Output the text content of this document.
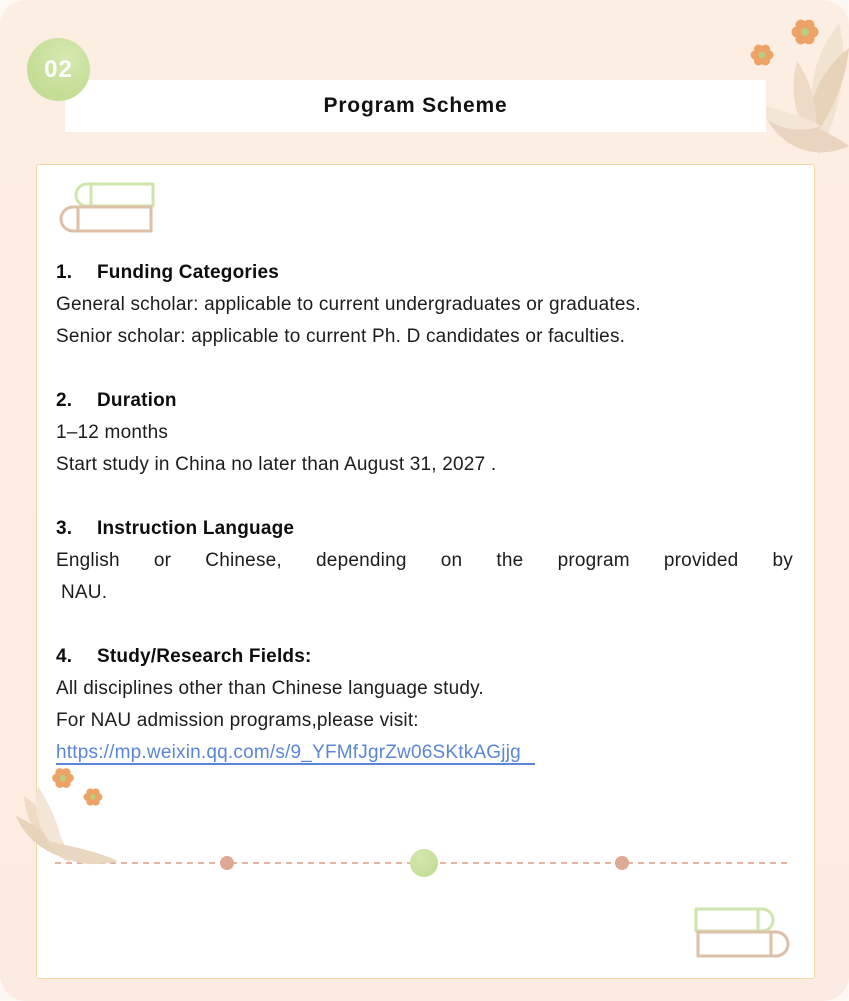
02
Program Scheme
1. Funding Categories

General scholar: applicable to current undergraduates or graduates.

Senior scholar: applicable to current Ph. D candidates or faculties.

2. Duration

1–12 months

Start study in China no later than August 31, 2027 .

3. Instruction Language

English or Chinese, depending on the program provided by

NAU.

4. Study/Research Fields:

All disciplines other than Chinese language study.

For NAU admission programs,please visit:

https://mp.weixin.qq.com/s/9_YFMfJgrZw06SKtkAGjjg
